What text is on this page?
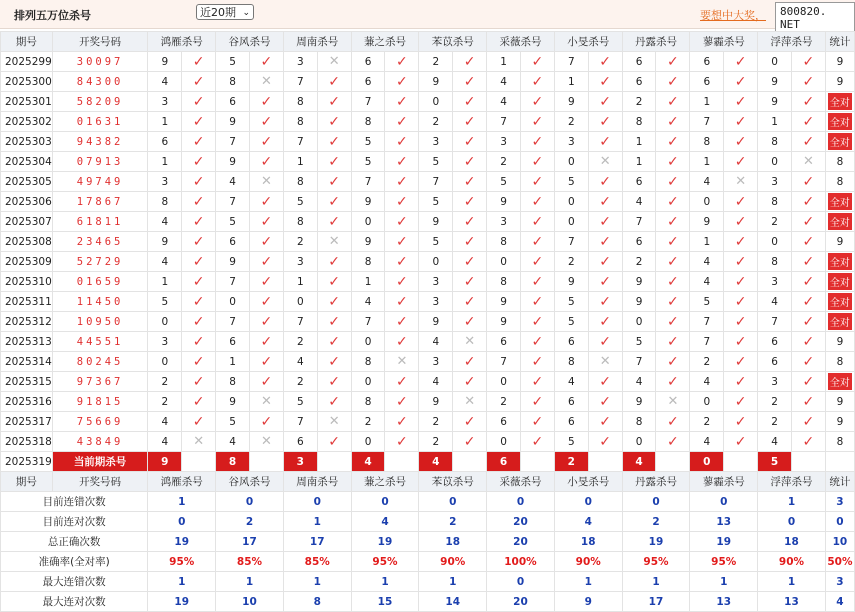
排列五万位杀号	近20期 ⌄	要想中大奖，	800820. NET
期号	开奖号码	鸿雁杀号		谷风杀号		周南杀号		蒹之杀号		苯苡杀号		采薇杀号		小旻杀号		丹露杀号		蓼霾杀号		浮萍杀号		统计
2025299	30097	9	✓	5	✓	3	✕	6	✓	2	✓	1	✓	7	✓	6	✓	6	✓	0	✓	9
2025300	84300	4	✓	8	✕	7	✓	6	✓	9	✓	4	✓	1	✓	6	✓	6	✓	9	✓	9
2025301	58209	3	✓	6	✓	8	✓	7	✓	0	✓	4	✓	9	✓	2	✓	1	✓	9	✓	全对
2025302	01631	1	✓	9	✓	8	✓	8	✓	2	✓	7	✓	2	✓	8	✓	7	✓	1	✓	全对
2025303	94382	6	✓	7	✓	7	✓	5	✓	3	✓	3	✓	3	✓	1	✓	8	✓	8	✓	全对
2025304	07913	1	✓	9	✓	1	✓	5	✓	5	✓	2	✓	0	✕	1	✓	1	✓	0	✕	8
2025305	49749	3	✓	4	✕	8	✓	7	✓	7	✓	5	✓	5	✓	6	✓	4	✕	3	✓	8
2025306	17867	8	✓	7	✓	5	✓	9	✓	5	✓	9	✓	0	✓	4	✓	0	✓	8	✓	全对
2025307	61811	4	✓	5	✓	8	✓	0	✓	9	✓	3	✓	0	✓	7	✓	9	✓	2	✓	全对
2025308	23465	9	✓	6	✓	2	✕	9	✓	5	✓	8	✓	7	✓	6	✓	1	✓	0	✓	9
2025309	52729	4	✓	9	✓	3	✓	8	✓	0	✓	0	✓	2	✓	2	✓	4	✓	8	✓	全对
2025310	01659	1	✓	7	✓	1	✓	1	✓	3	✓	8	✓	9	✓	9	✓	4	✓	3	✓	全对
2025311	11450	5	✓	0	✓	0	✓	4	✓	3	✓	9	✓	5	✓	9	✓	5	✓	4	✓	全对
2025312	10950	0	✓	7	✓	7	✓	7	✓	9	✓	9	✓	5	✓	0	✓	7	✓	7	✓	全对
2025313	44551	3	✓	6	✓	2	✓	0	✓	4	✕	6	✓	6	✓	5	✓	7	✓	6	✓	9
2025314	80245	0	✓	1	✓	4	✓	8	✕	3	✓	7	✓	8	✕	7	✓	2	✓	6	✓	8
2025315	97367	2	✓	8	✓	2	✓	0	✓	4	✓	0	✓	4	✓	4	✓	4	✓	3	✓	全对
2025316	91815	2	✓	9	✕	5	✓	8	✓	9	✕	2	✓	6	✓	9	✕	0	✓	2	✓	9
2025317	75669	4	✓	5	✓	7	✕	2	✓	2	✓	6	✓	6	✓	8	✓	2	✓	2	✓	9
2025318	43849	4	✕	4	✕	6	✓	0	✓	2	✓	0	✓	5	✓	0	✓	4	✓	4	✓	8
2025319	当前期杀号	9		8		3		4		4		6		2		4		0		5		
期号	开奖号码	鸿雁杀号		谷风杀号		周南杀号		蒹之杀号		苯苡杀号		采薇杀号		小旻杀号		丹露杀号		蓼霾杀号		浮萍杀号		统计
目前连错次数		1		0		0		0		0		0		0		0		0		1		3
目前连对次数		0		2		1		4		2		20		4		2		13		0		0
总正确次数		19		17		17		19		18		20		18		19		19		18		10
准确率(全对率)		95%		85%		85%		95%		90%		100%		90%		95%		95%		90%		50%
最大连错次数		1		1		1		1		1		0		1		1		1		1		3
最大连对次数		19		10		8		15		14		20		9		17		13		13		4
